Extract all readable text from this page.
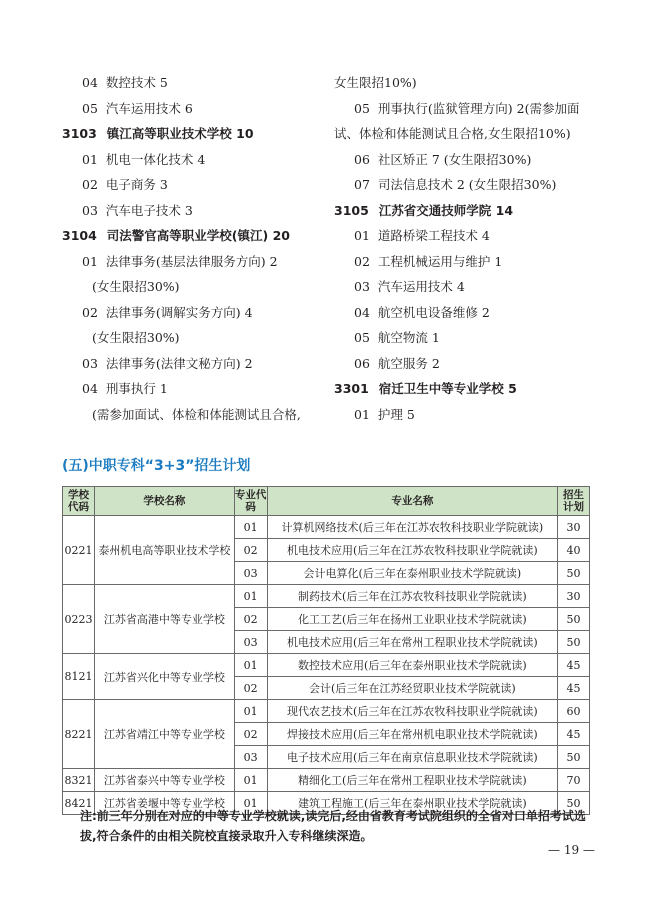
04 数控技术 5
05 汽车运用技术 6
3103 镇江高等职业技术学校 10
01 机电一体化技术 4
02 电子商务 3
03 汽车电子技术 3
3104 司法警官高等职业学校(镇江) 20
01 法律事务(基层法律服务方向) 2
(女生限招30%)
02 法律事务(调解实务方向) 4
(女生限招30%)
03 法律事务(法律文秘方向) 2
04 刑事执行 1
(需参加面试、体检和体能测试且合格,
女生限招10%)
05 刑事执行(监狱管理方向) 2(需参加面
试、体检和体能测试且合格,女生限招10%)
06 社区矫正 7 (女生限招30%)
07 司法信息技术 2 (女生限招30%)
3105 江苏省交通技师学院 14
01 道路桥梁工程技术 4
02 工程机械运用与维护 1
03 汽车运用技术 4
04 航空机电设备维修 2
05 航空物流 1
06 航空服务 2
3301 宿迁卫生中等专业学校 5
01 护理 5
(五)中职专科“3+3”招生计划
学校代码	学校名称	专业代码	专业名称	招生计划
0221	泰州机电高等职业技术学校	01	计算机网络技术(后三年在江苏农牧科技职业学院就读)	30
		02	机电技术应用(后三年在江苏农牧科技职业学院就读)	40
		03	会计电算化(后三年在泰州职业技术学院就读)	50
0223	江苏省高港中等专业学校	01	制药技术(后三年在江苏农牧科技职业学院就读)	30
		02	化工工艺(后三年在扬州工业职业技术学院就读)	50
		03	机电技术应用(后三年在常州工程职业技术学院就读)	50
8121	江苏省兴化中等专业学校	01	数控技术应用(后三年在泰州职业技术学院就读)	45
		02	会计(后三年在江苏经贸职业技术学院就读)	45
8221	江苏省靖江中等专业学校	01	现代农艺技术(后三年在江苏农牧科技职业学院就读)	60
		02	焊接技术应用(后三年在常州机电职业技术学院就读)	45
		03	电子技术应用(后三年在南京信息职业技术学院就读)	50
8321	江苏省泰兴中等专业学校	01	精细化工(后三年在常州工程职业技术学院就读)	70
8421	江苏省姜堰中等专业学校	01	建筑工程施工(后三年在泰州职业技术学院就读)	50
注:前三年分别在对应的中等专业学校就读,读完后,经由省教育考试院组织的全省对口单招考试选拔,符合条件的由相关院校直接录取升入专科继续深造。
— 19 —
